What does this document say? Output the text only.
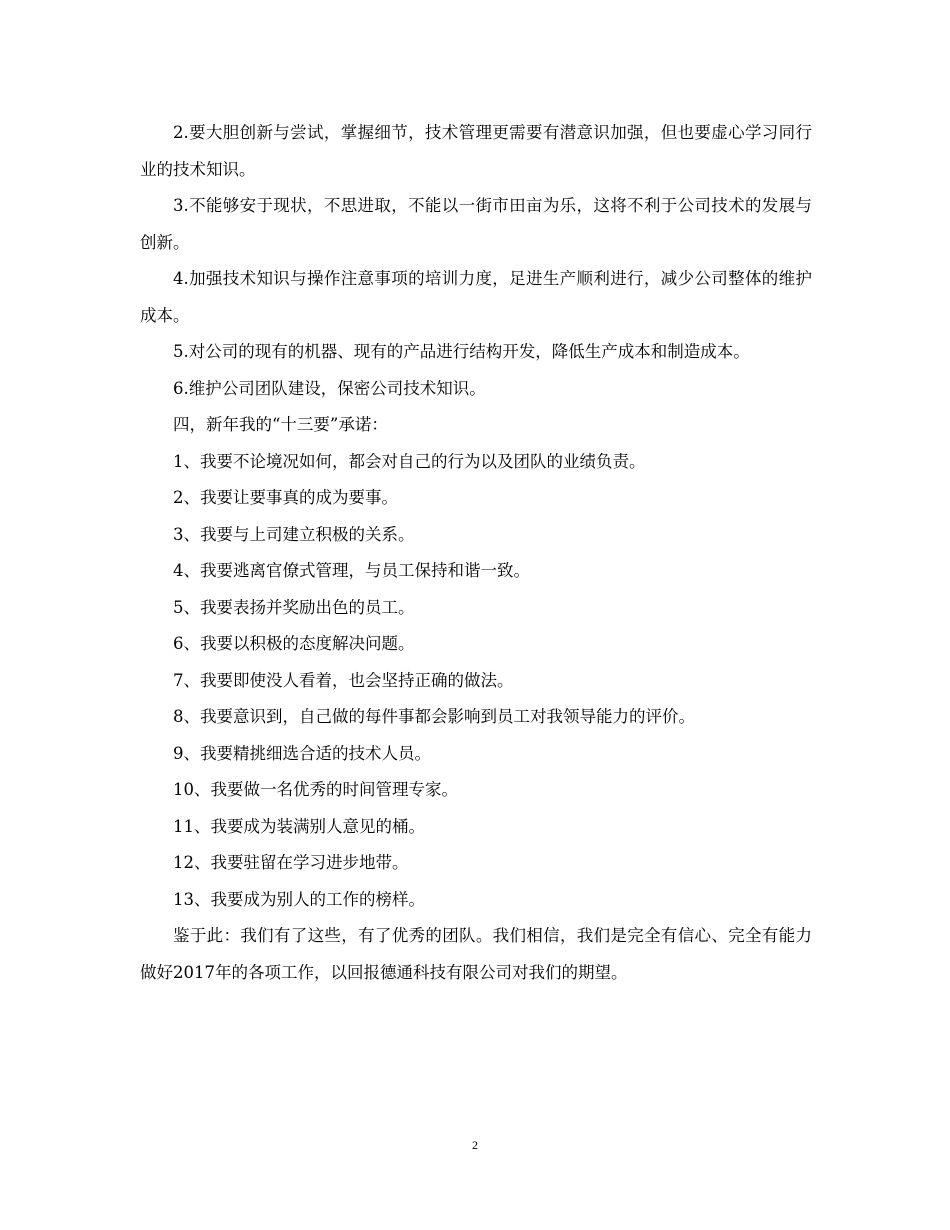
2.要大胆创新与尝试，掌握细节，技术管理更需要有潜意识加强，但也要虚心学习同行业的技术知识。

3.不能够安于现状，不思进取，不能以一街市田亩为乐，这将不利于公司技术的发展与创新。

4.加强技术知识与操作注意事项的培训力度，足进生产顺利进行，减少公司整体的维护成本。

5.对公司的现有的机器、现有的产品进行结构开发，降低生产成本和制造成本。

6.维护公司团队建设，保密公司技术知识。

四，新年我的“十三要”承诺：

1、我要不论境况如何，都会对自己的行为以及团队的业绩负责。

2、我要让要事真的成为要事。

3、我要与上司建立积极的关系。

4、我要逃离官僚式管理，与员工保持和谐一致。

5、我要表扬并奖励出色的员工。

6、我要以积极的态度解决问题。

7、我要即使没人看着，也会坚持正确的做法。

8、我要意识到，自己做的每件事都会影响到员工对我领导能力的评价。

9、我要精挑细选合适的技术人员。

10、我要做一名优秀的时间管理专家。

11、我要成为装满别人意见的桶。

12、我要驻留在学习进步地带。

13、我要成为别人的工作的榜样。

鉴于此：我们有了这些，有了优秀的团队。我们相信，我们是完全有信心、完全有能力做好2017年的各项工作，以回报德通科技有限公司对我们的期望。

2
